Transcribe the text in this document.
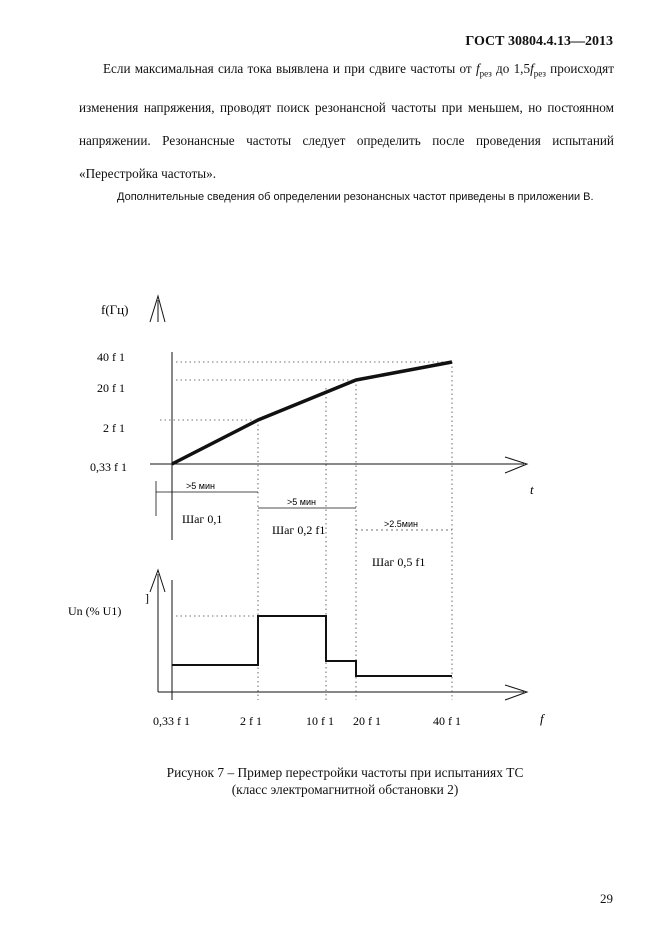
ГОСТ 30804.4.13—2013
Если максимальная сила тока выявлена и при сдвиге частоты от $f_{рез}$ до $1,5f_{рез}$ происходят изменения напряжения, проводят поиск резонансной частоты при меньшем, но постоянном напряжении. Резонансные частоты следует определить после проведения испытаний «Перестройка частоты».
Дополнительные сведения об определении резонансных частот приведены в приложении В.
f(Гц)
40 f 1
20 f 1
2 f 1
0,33 f 1
t
>5 мин
>5 мин
>2.5мин
Шаг 0,1
Шаг 0,2 f1
Шаг 0,5 f1
]
Un (% U1)
0,33 f 1	2 f 1	10 f 1 20 f 1	40 f 1	f
Рисунок 7 – Пример перестройки частоты при испытаниях ТС
(класс электромагнитной обстановки 2)
29
